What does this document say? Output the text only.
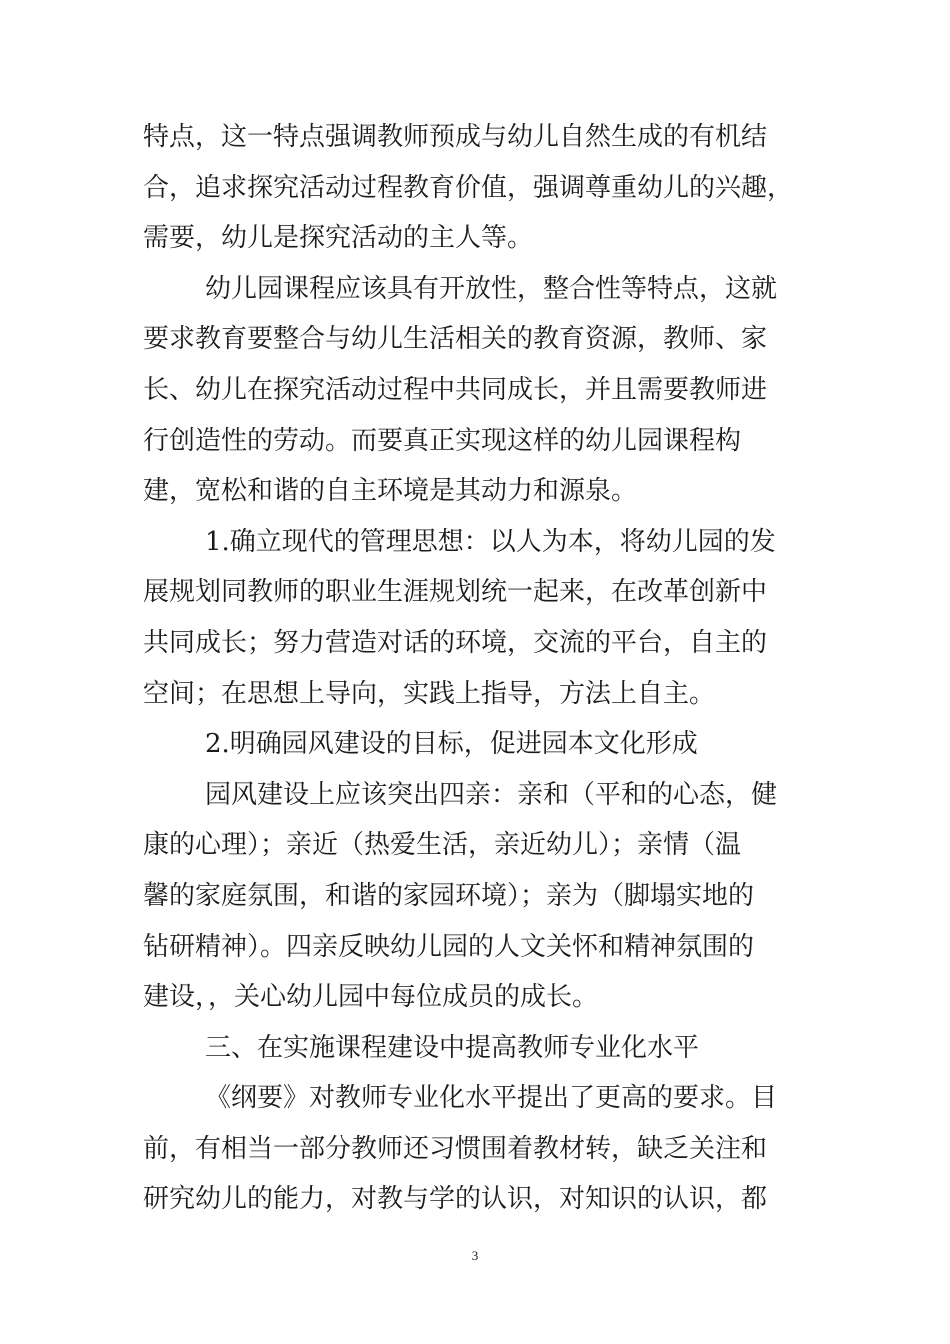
特点，这一特点强调教师预成与幼儿自然生成的有机结
合，追求探究活动过程教育价值，强调尊重幼儿的兴趣，
需要，幼儿是探究活动的主人等。
幼儿园课程应该具有开放性，整合性等特点，这就
要求教育要整合与幼儿生活相关的教育资源，教师、家
长、幼儿在探究活动过程中共同成长，并且需要教师进
行创造性的劳动。而要真正实现这样的幼儿园课程构
建，宽松和谐的自主环境是其动力和源泉。
1.确立现代的管理思想：以人为本，将幼儿园的发
展规划同教师的职业生涯规划统一起来，在改革创新中
共同成长；努力营造对话的环境，交流的平台，自主的
空间；在思想上导向，实践上指导，方法上自主。
2.明确园风建设的目标，促进园本文化形成
园风建设上应该突出四亲：亲和（平和的心态，健
康的心理）；亲近（热爱生活，亲近幼儿）；亲情（温
馨的家庭氛围，和谐的家园环境）；亲为（脚塌实地的
钻研精神）。四亲反映幼儿园的人文关怀和精神氛围的
建设，，关心幼儿园中每位成员的成长。
三、在实施课程建设中提高教师专业化水平
《纲要》对教师专业化水平提出了更高的要求。目
前，有相当一部分教师还习惯围着教材转，缺乏关注和
研究幼儿的能力，对教与学的认识，对知识的认识，都
3
